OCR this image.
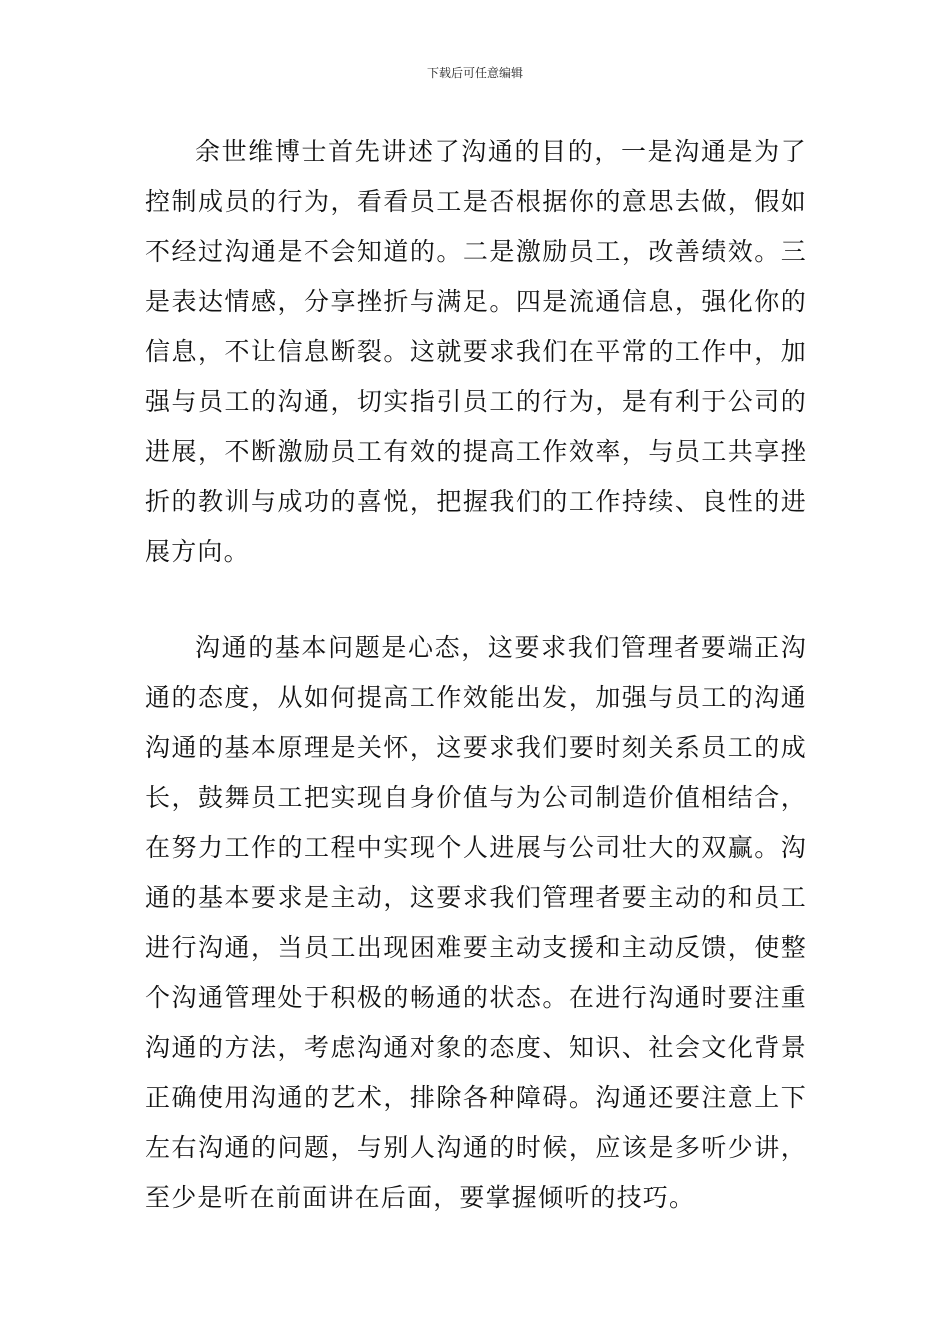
下载后可任意编辑

余世维博士首先讲述了沟通的目的，一是沟通是为了控制成员的行为，看看员工是否根据你的意思去做，假如不经过沟通是不会知道的。二是激励员工，改善绩效。三是表达情感，分享挫折与满足。四是流通信息，强化你的信息，不让信息断裂。这就要求我们在平常的工作中，加强与员工的沟通，切实指引员工的行为，是有利于公司的进展，不断激励员工有效的提高工作效率，与员工共享挫折的教训与成功的喜悦，把握我们的工作持续、良性的进展方向。

沟通的基本问题是心态，这要求我们管理者要端正沟通的态度，从如何提高工作效能出发，加强与员工的沟通沟通的基本原理是关怀，这要求我们要时刻关系员工的成长，鼓舞员工把实现自身价值与为公司制造价值相结合，在努力工作的工程中实现个人进展与公司壮大的双赢。沟通的基本要求是主动，这要求我们管理者要主动的和员工进行沟通，当员工出现困难要主动支援和主动反馈，使整个沟通管理处于积极的畅通的状态。在进行沟通时要注重沟通的方法，考虑沟通对象的态度、知识、社会文化背景正确使用沟通的艺术，排除各种障碍。沟通还要注意上下左右沟通的问题，与别人沟通的时候，应该是多听少讲，至少是听在前面讲在后面，要掌握倾听的技巧。
